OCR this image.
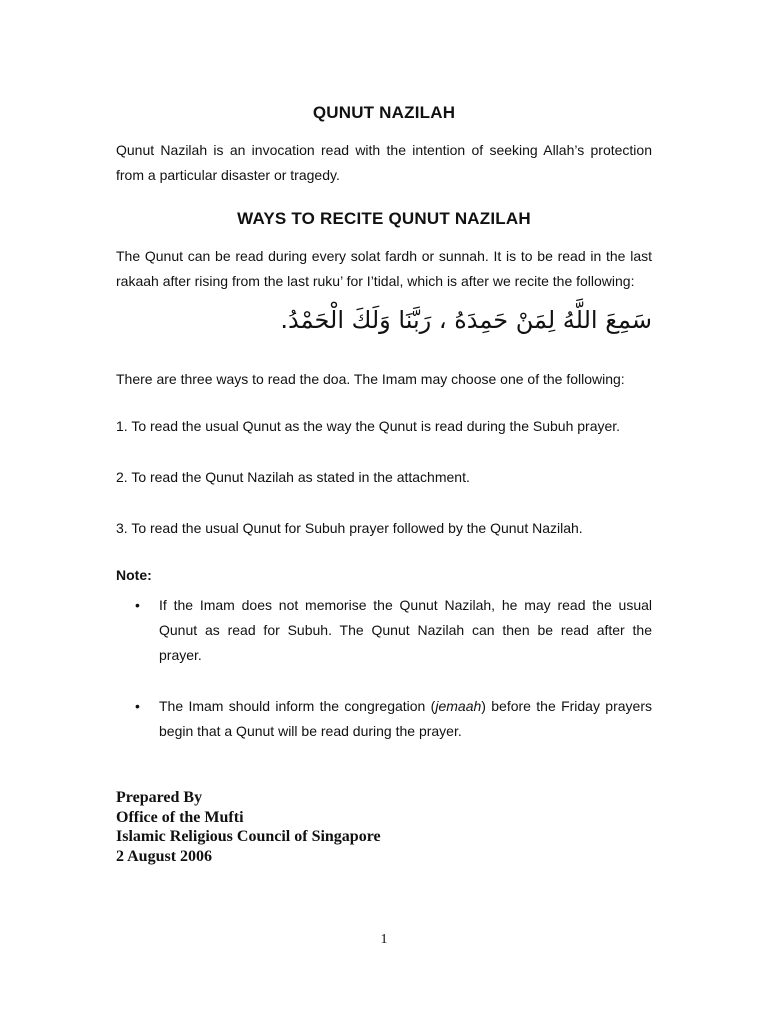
QUNUT NAZILAH
Qunut Nazilah is an invocation read with the intention of seeking Allah’s protection
from a particular disaster or tragedy.
WAYS TO RECITE QUNUT NAZILAH
The Qunut can be read during every solat fardh or sunnah. It is to be read in the last
rakaah after rising from the last ruku’ for I’tidal, which is after we recite the following:
سَمِعَ اللَّهُ لِمَنْ حَمِدَهُ ، رَبَّنَا وَلَكَ الْحَمْدُ.
There are three ways to read the doa. The Imam may choose one of the following:
1. To read the usual Qunut as the way the Qunut is read during the Subuh prayer.
2. To read the Qunut Nazilah as stated in the attachment.
3. To read the usual Qunut for Subuh prayer followed by the Qunut Nazilah.
Note:
• If the Imam does not memorise the Qunut Nazilah, he may read the usual
Qunut as read for Subuh. The Qunut Nazilah can then be read after the
prayer.
• The Imam should inform the congregation (jemaah) before the Friday prayers
begin that a Qunut will be read during the prayer.
Prepared By
Office of the Mufti
Islamic Religious Council of Singapore
2 August 2006
1
